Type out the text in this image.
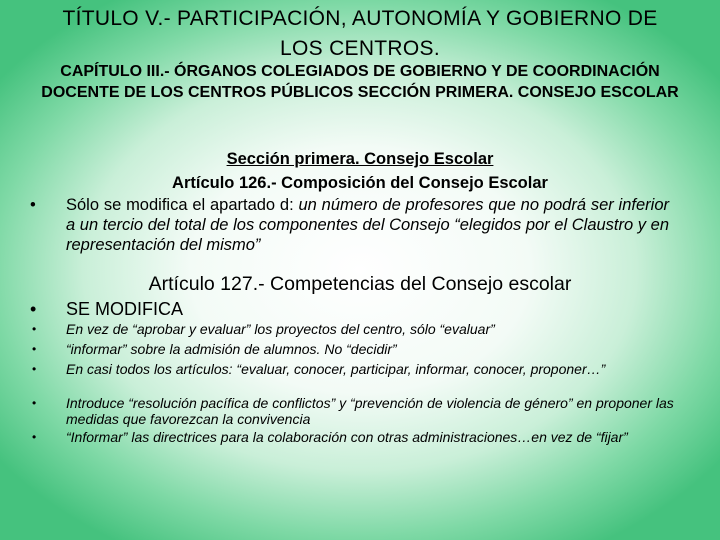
TÍTULO V.- PARTICIPACIÓN, AUTONOMÍA Y GOBIERNO DE LOS CENTROS.
CAPÍTULO III.- ÓRGANOS COLEGIADOS DE GOBIERNO Y DE COORDINACIÓN DOCENTE DE LOS CENTROS PÚBLICOS SECCIÓN PRIMERA. CONSEJO ESCOLAR
Sección primera. Consejo Escolar
Artículo 126.- Composición del Consejo Escolar
• Sólo se modifica el apartado d: un número de profesores que no podrá ser inferior a un tercio del total de los componentes del Consejo “elegidos por el Claustro y en representación del mismo”
Artículo 127.- Competencias del Consejo escolar
• SE MODIFICA
• En vez de “aprobar y evaluar” los proyectos del centro, sólo “evaluar”
• “informar” sobre la admisión de alumnos. No “decidir”
• En casi todos los artículos: “evaluar, conocer, participar, informar, conocer, proponer…”
• Introduce “resolución pacífica de conflictos” y “prevención de violencia de género” en proponer las medidas que favorezcan la convivencia
• “Informar” las directrices para la colaboración con otras administraciones…en vez de “fijar”
